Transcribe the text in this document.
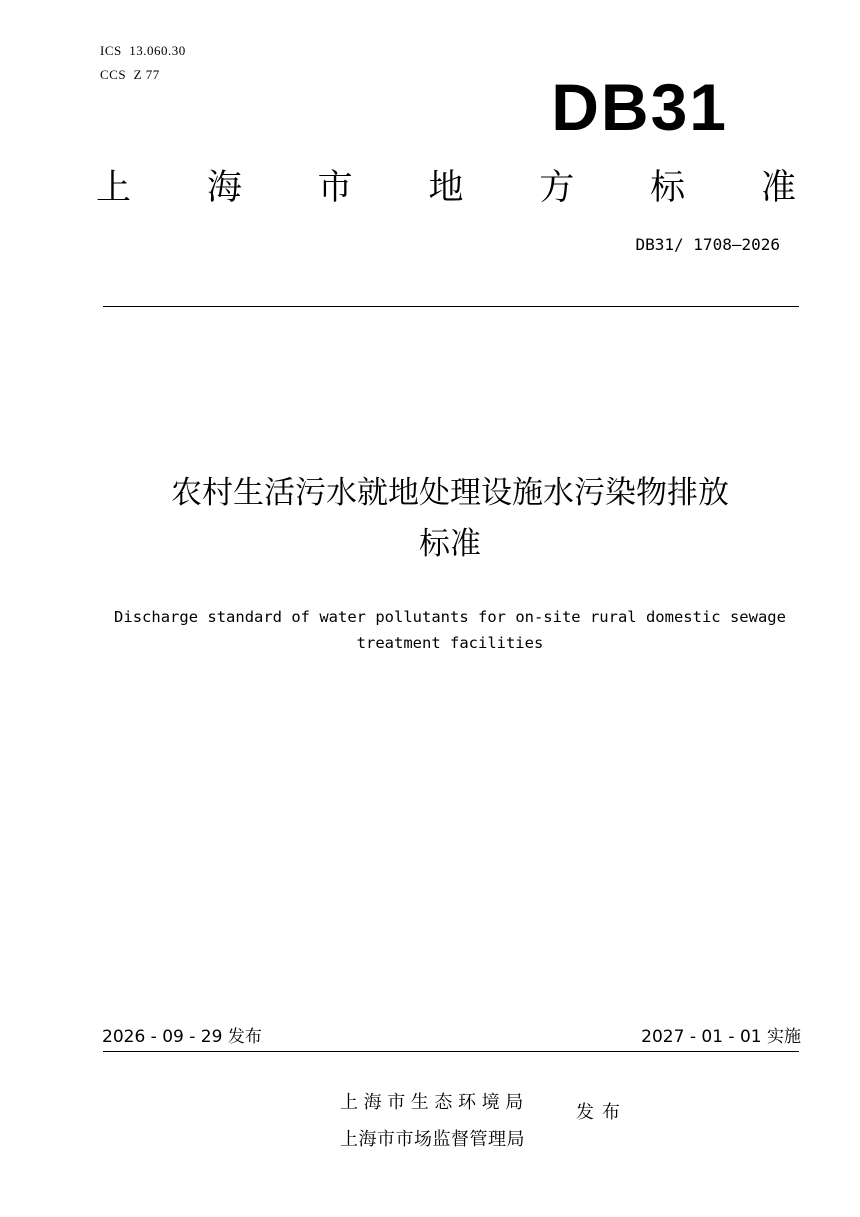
ICS  13.060.30
CCS  Z 77	DB31
上 海 市 地 方 标 准
DB31/ 1708—2026
农村生活污水就地处理设施水污染物排放
标准
Discharge standard of water pollutants for on-site rural domestic sewage
treatment facilities
2026 - 09 - 29 发布	2027 - 01 - 01 实施
上海市生态环境局
上海市市场监督管理局
发布
